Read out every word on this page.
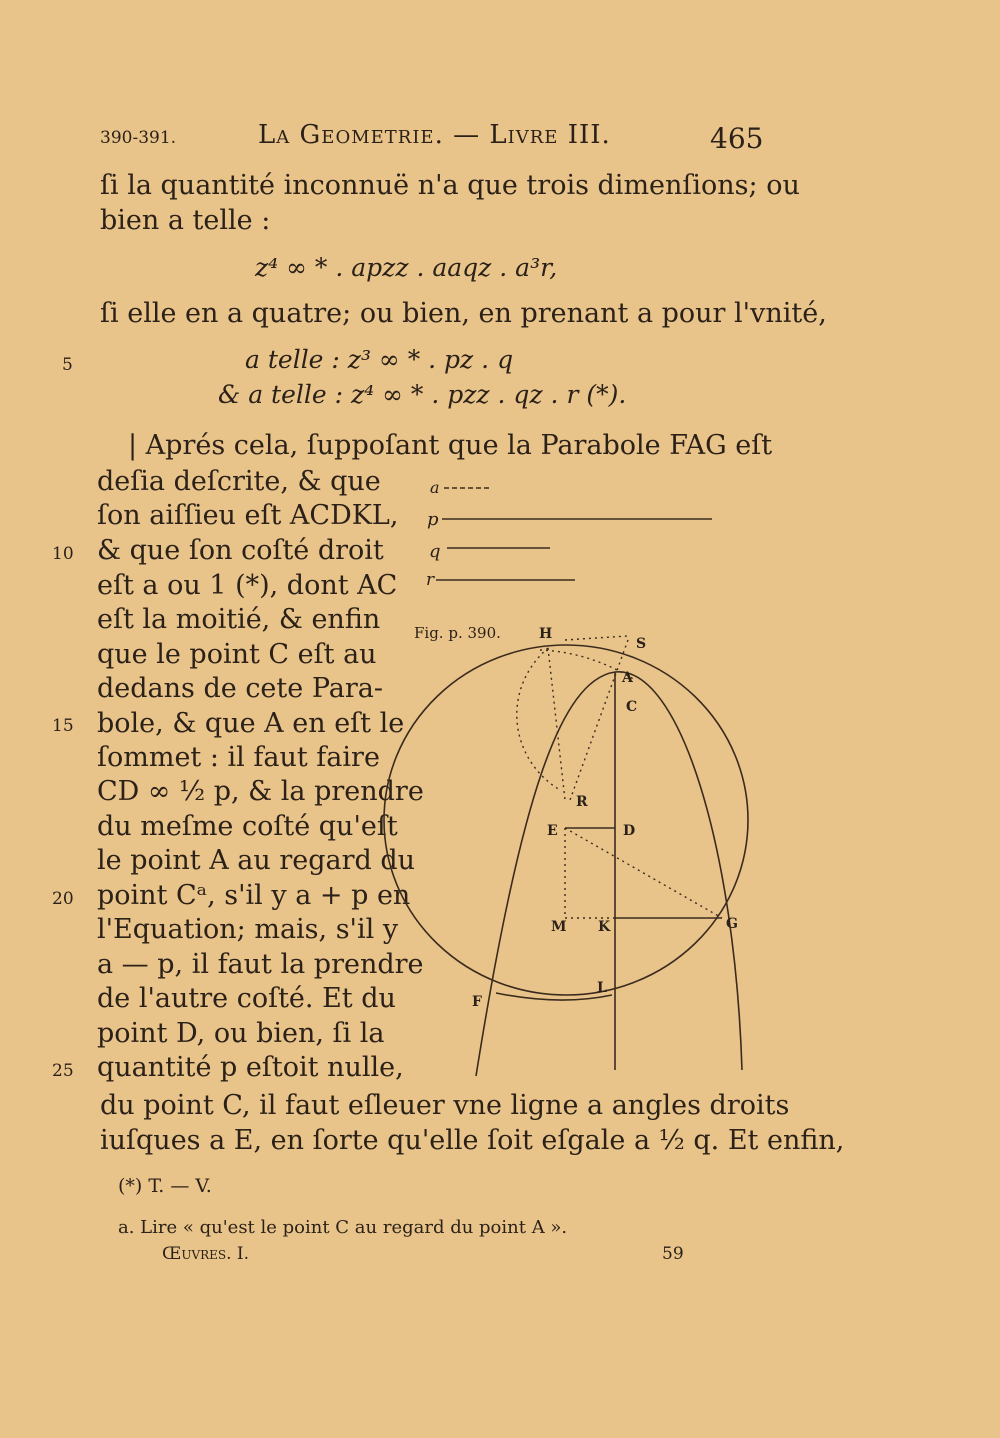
390-391.	La Geometrie. — Livre III.	465
ſi la quantité inconnuë n'a que trois dimenſions; ou
bien a telle :
z⁴ ∞ * . apzz . aaqz . a³r,
ſi elle en a quatre; ou bien, en prenant a pour l'vnité,
5	a telle : z³ ∞ * . pz . q
& a telle : z⁴ ∞ * . pzz . qz . r (*).
| Aprés cela, ſuppoſant que la Parabole FAG eſt
deſia deſcrite, & que
ſon aiſſieu eſt ACDKL,
10 & que ſon coſté droit
eſt a ou 1 (*), dont AC
eſt la moitié, & enfin
que le point C eſt au
dedans de cete Para-
15 bole, & que A en eſt le
ſommet : il faut faire
CD ∞ ½ p, & la prendre
du meſme coſté qu'eſt
le point A au regard du
20 point Cᵃ, s'il y a + p en
l'Equation; mais, s'il y
a — p, il faut la prendre
de l'autre coſté. Et du
point D, ou bien, ſi la
25 quantité p eſtoit nulle,
du point C, il faut eſleuer vne ligne a angles droits
iuſques a E, en ſorte qu'elle ſoit eſgale a ½ q. Et enfin,
(*) T. — V.
a. Lire « qu'est le point C au regard du point A ».
Œuvres. I.	59
a
p
q
r
Fig. p. 390.	H
S
A
C
R
E	D
M K	G
L
F
